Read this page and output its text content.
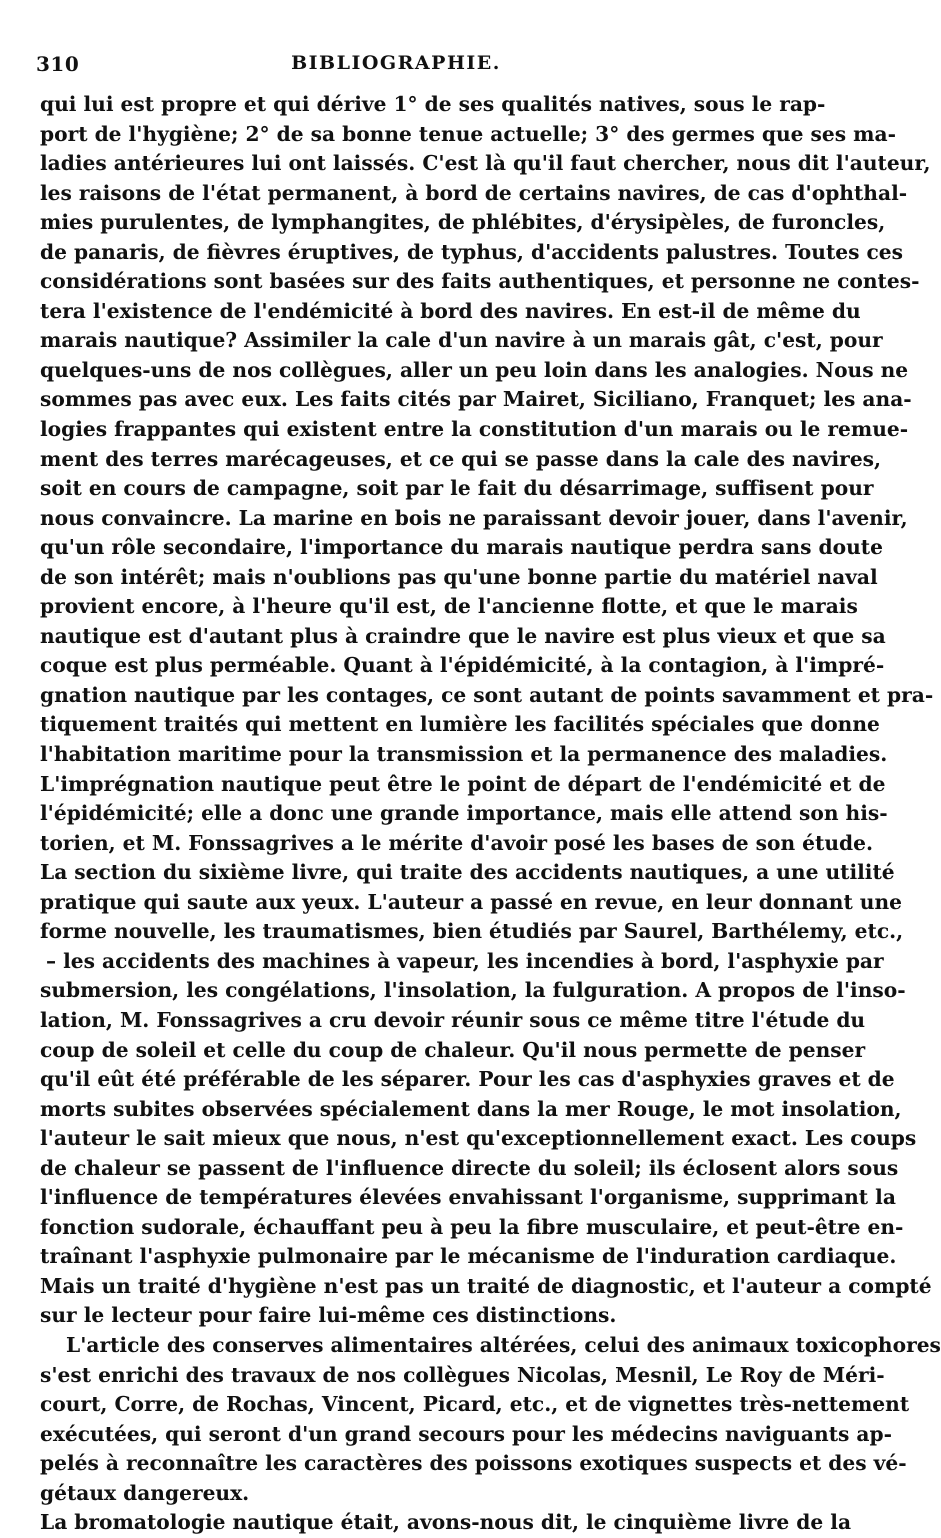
310	BIBLIOGRAPHIE.
qui lui est propre et qui dérive 1° de ses qualités natives, sous le rap-
port de l'hygiène; 2° de sa bonne tenue actuelle; 3° des germes que ses ma-
ladies antérieures lui ont laissés. C'est là qu'il faut chercher, nous dit l'auteur,
les raisons de l'état permanent, à bord de certains navires, de cas d'ophthal-
mies purulentes, de lymphangites, de phlébites, d'érysipèles, de furoncles,
de panaris, de fièvres éruptives, de typhus, d'accidents palustres. Toutes ces
considérations sont basées sur des faits authentiques, et personne ne contes-
tera l'existence de l'endémicité à bord des navires. En est-il de même du
marais nautique? Assimiler la cale d'un navire à un marais gât, c'est, pour
quelques-uns de nos collègues, aller un peu loin dans les analogies. Nous ne
sommes pas avec eux. Les faits cités par Mairet, Siciliano, Franquet; les ana-
logies frappantes qui existent entre la constitution d'un marais ou le remue-
ment des terres marécageuses, et ce qui se passe dans la cale des navires,
soit en cours de campagne, soit par le fait du désarrimage, suffisent pour
nous convaincre. La marine en bois ne paraissant devoir jouer, dans l'avenir,
qu'un rôle secondaire, l'importance du marais nautique perdra sans doute
de son intérêt; mais n'oublions pas qu'une bonne partie du matériel naval
provient encore, à l'heure qu'il est, de l'ancienne flotte, et que le marais
nautique est d'autant plus à craindre que le navire est plus vieux et que sa
coque est plus perméable. Quant à l'épidémicité, à la contagion, à l'impré-
gnation nautique par les contages, ce sont autant de points savamment et pra-
tiquement traités qui mettent en lumière les facilités spéciales que donne
l'habitation maritime pour la transmission et la permanence des maladies.
L'imprégnation nautique peut être le point de départ de l'endémicité et de
l'épidémicité; elle a donc une grande importance, mais elle attend son his-
torien, et M. Fonssagrives a le mérite d'avoir posé les bases de son étude.
La section du sixième livre, qui traite des accidents nautiques, a une utilité
pratique qui saute aux yeux. L'auteur a passé en revue, en leur donnant une
forme nouvelle, les traumatismes, bien étudiés par Saurel, Barthélemy, etc.,
– les accidents des machines à vapeur, les incendies à bord, l'asphyxie par
submersion, les congélations, l'insolation, la fulguration. A propos de l'inso-
lation, M. Fonssagrives a cru devoir réunir sous ce même titre l'étude du
coup de soleil et celle du coup de chaleur. Qu'il nous permette de penser
qu'il eût été préférable de les séparer. Pour les cas d'asphyxies graves et de
morts subites observées spécialement dans la mer Rouge, le mot insolation,
l'auteur le sait mieux que nous, n'est qu'exceptionnellement exact. Les coups
de chaleur se passent de l'influence directe du soleil; ils éclosent alors sous
l'influence de températures élevées envahissant l'organisme, supprimant la
fonction sudorale, échauffant peu à peu la fibre musculaire, et peut-être en-
traînant l'asphyxie pulmonaire par le mécanisme de l'induration cardiaque.
Mais un traité d'hygiène n'est pas un traité de diagnostic, et l'auteur a compté
sur le lecteur pour faire lui-même ces distinctions.
L'article des conserves alimentaires altérées, celui des animaux toxicophores
s'est enrichi des travaux de nos collègues Nicolas, Mesnil, Le Roy de Méri-
court, Corre, de Rochas, Vincent, Picard, etc., et de vignettes très-nettement
exécutées, qui seront d'un grand secours pour les médecins naviguants ap-
pelés à reconnaître les caractères des poissons exotiques suspects et des vé-
gétaux dangereux.
La bromatologie nautique était, avons-nous dit, le cinquième livre de la
